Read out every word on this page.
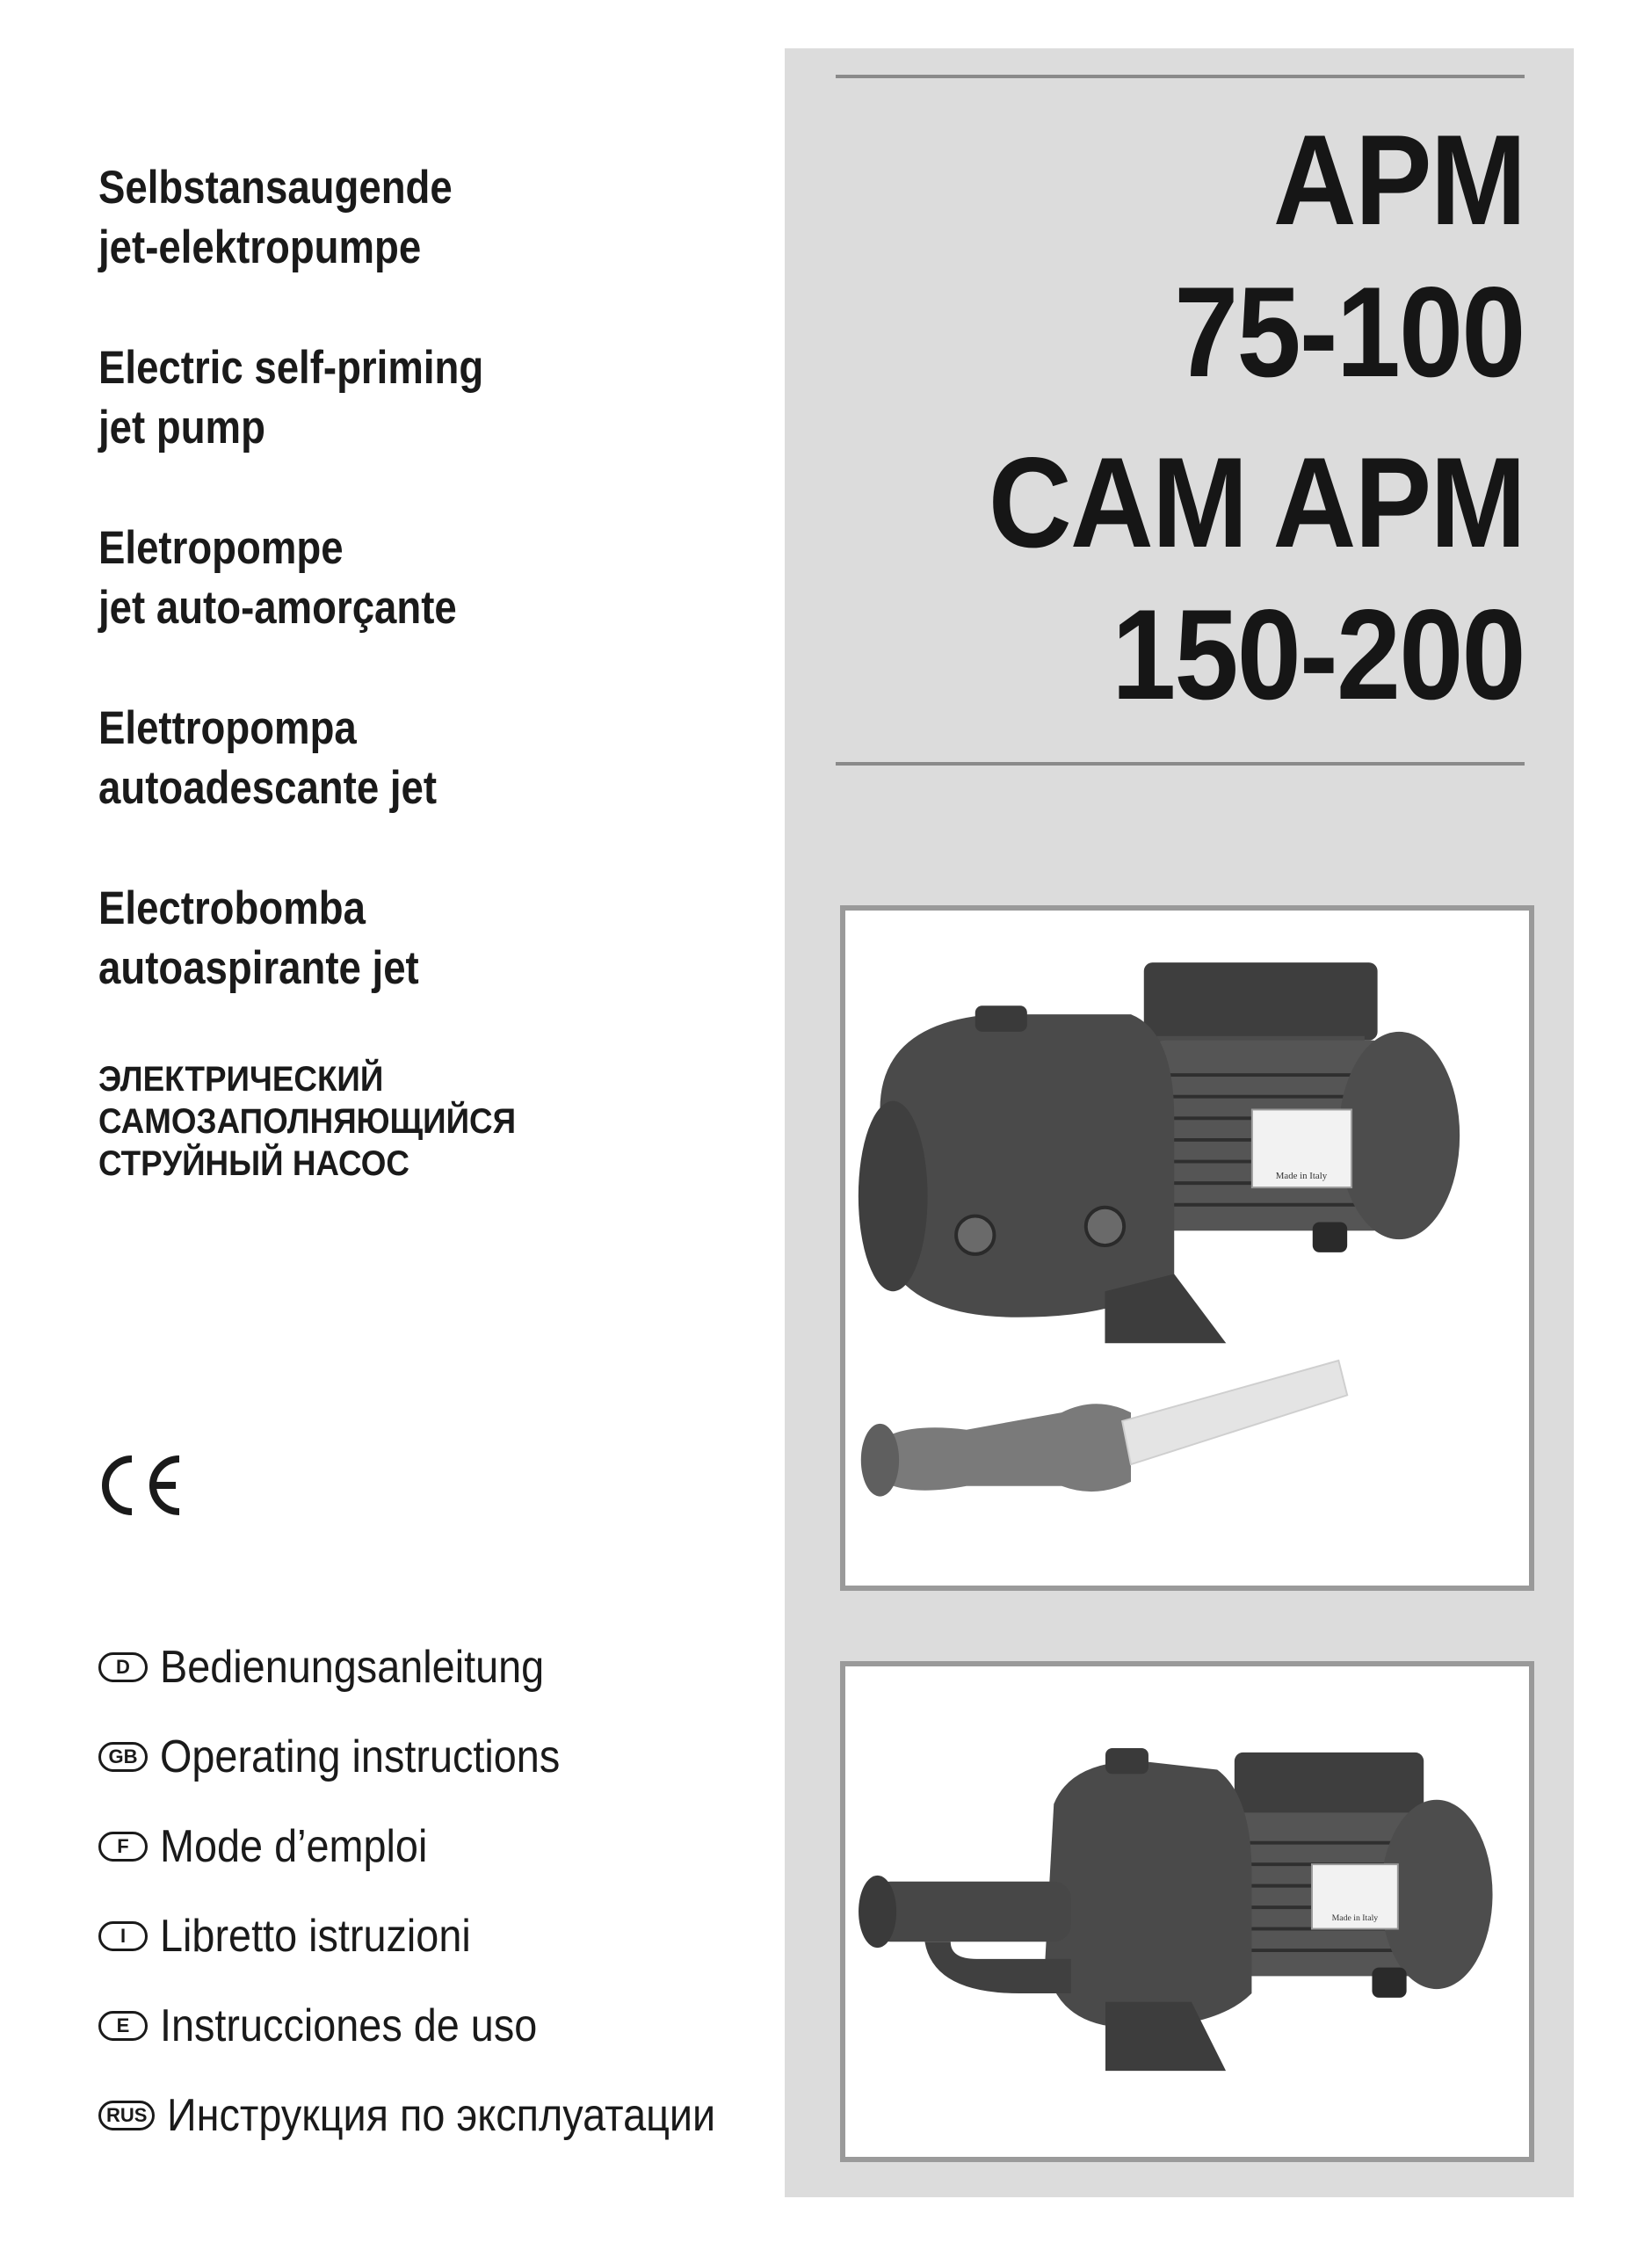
Selbstansaugende
jet-elektropumpe
Electric self-priming
jet pump
Eletropompe
jet auto-amorçante
Elettropompa
autoadescante jet
Electrobomba
autoaspirante jet
ЭЛЕКТРИЧЕСКИЙ
САМОЗАПОЛНЯЮЩИЙСЯ
СТРУЙНЫЙ НАСОС
D Bedienungsanleitung
GB Operating instructions
F Mode d’emploi
I Libretto istruzioni
E Instrucciones de uso
RUS Инструкция по эксплуатации
APM
75-100
CAM APM
150-200
Made in Italy
Made in Italy
